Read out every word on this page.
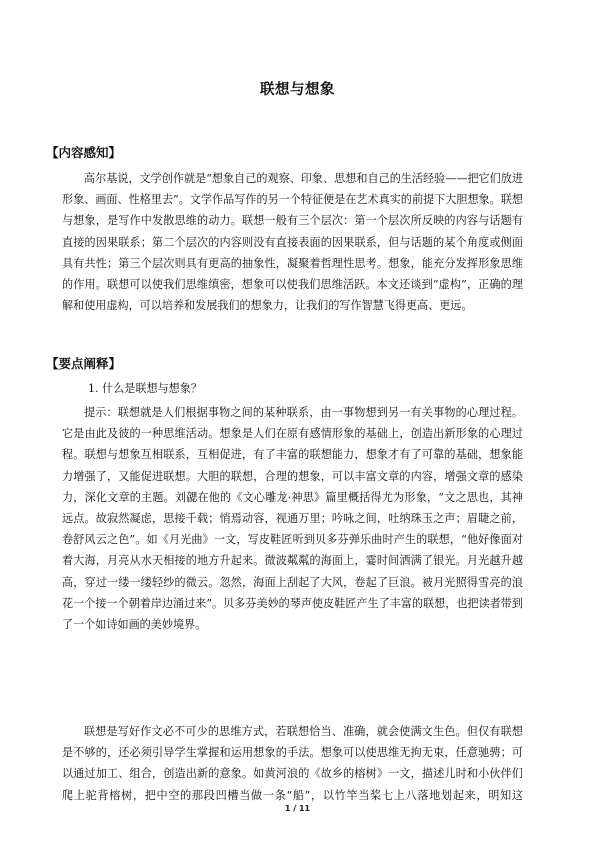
联想与想象
【内容感知】
高尔基说，文学创作就是“想象自己的观察、印象、思想和自己的生活经验——把它们放进形象、画面、性格里去”。文学作品写作的另一个特征便是在艺术真实的前提下大胆想象。联想与想象，是写作中发散思维的动力。联想一般有三个层次：第一个层次所反映的内容与话题有直接的因果联系；第二个层次的内容则没有直接表面的因果联系，但与话题的某个角度或侧面具有共性；第三个层次则具有更高的抽象性，凝聚着哲理性思考。想象，能充分发挥形象思维的作用。联想可以使我们思维缜密，想象可以使我们思维活跃。本文还谈到“虚构”，正确的理解和使用虚构，可以培养和发展我们的想象力，让我们的写作智慧飞得更高、更远。
【要点阐释】
1. 什么是联想与想象？
提示：联想就是人们根据事物之间的某种联系，由一事物想到另一有关事物的心理过程。它是由此及彼的一种思维活动。想象是人们在原有感情形象的基础上，创造出新形象的心理过程。联想与想象互相联系，互相促进，有了丰富的联想能力，想象才有了可靠的基础，想象能力增强了，又能促进联想。大胆的联想，合理的想象，可以丰富文章的内容，增强文章的感染力，深化文章的主题。刘勰在他的《文心雕龙·神思》篇里概括得尤为形象，“文之思也，其神远点。故寂然凝虑，思接千载；悄焉动容，视通万里；吟咏之间，吐纳珠玉之声；眉睫之前，卷舒风云之色”。如《月光曲》一文，写皮鞋匠听到贝多芬弹乐曲时产生的联想，“他好像面对着大海，月亮从水天相接的地方升起来。微波粼粼的海面上，霎时间洒满了银光。月光越升越高，穿过一缕一缕轻纱的微云。忽然，海面上刮起了大风，卷起了巨浪。被月光照得雪亮的浪花一个接一个朝着岸边涌过来”。贝多芬美妙的琴声使皮鞋匠产生了丰富的联想，也把读者带到了一个如诗如画的美妙境界。
联想是写好作文必不可少的思维方式，若联想恰当、准确，就会使满文生色。但仅有联想是不够的，还必须引导学生掌握和运用想象的手法。想象可以使思维无拘无束，任意驰骋；可以通过加工、组合，创造出新的意象。如黄河浪的《故乡的榕树》一文，描述儿时和小伙伴们爬上驼背榕树，把中空的那段凹槽当做一条“船”，以竹竿当桨七上八落地划起来，明知这
1 / 11
